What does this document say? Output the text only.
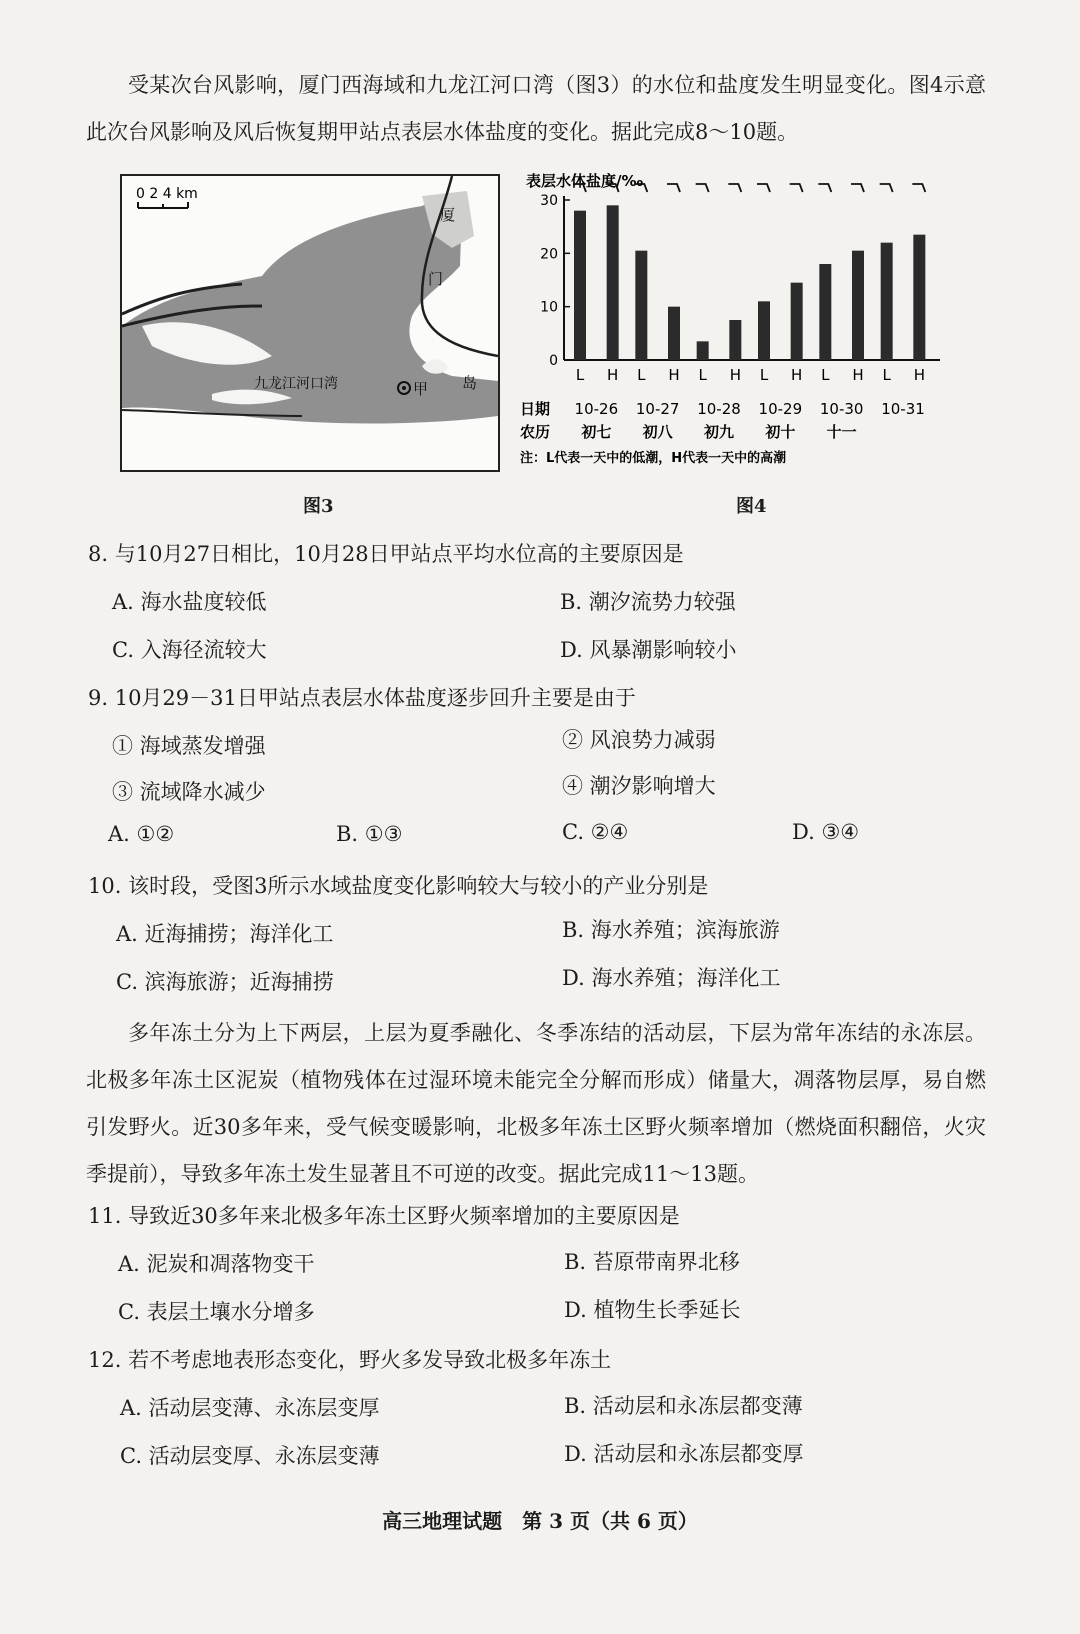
受某次台风影响，厦门西海域和九龙江河口湾（图3）的水位和盐度发生明显变化。图4示意此次台风影响及风后恢复期甲站点表层水体盐度的变化。据此完成8～10题。

0 2 4 km
九龙江河口湾	甲
厦
门
岛
图3
表层水体盐度/‰
0
10
20
30
L H L H L H L H L H L H
日期 10-26 10-27 10-28 10-29 10-30 10-31
农历 初七 初八 初九 初十 十一
注：L代表一天中的低潮，H代表一天中的高潮
图4

8. 与10月27日相比，10月28日甲站点平均水位高的主要原因是

A. 海水盐度较低	B. 潮汐流势力较强

C. 入海径流较大	D. 风暴潮影响较小

9. 10月29－31日甲站点表层水体盐度逐步回升主要是由于

① 海域蒸发增强	② 风浪势力减弱

③ 流域降水减少	④ 潮汐影响增大

A. ①②	B. ①③	C. ②④	D. ③④

10. 该时段，受图3所示水域盐度变化影响较大与较小的产业分别是

A. 近海捕捞；海洋化工	B. 海水养殖；滨海旅游

C. 滨海旅游；近海捕捞	D. 海水养殖；海洋化工

多年冻土分为上下两层，上层为夏季融化、冬季冻结的活动层，下层为常年冻结的永冻层。北极多年冻土区泥炭（植物残体在过湿环境未能完全分解而形成）储量大，凋落物层厚，易自燃引发野火。近30多年来，受气候变暖影响，北极多年冻土区野火频率增加（燃烧面积翻倍，火灾季提前），导致多年冻土发生显著且不可逆的改变。据此完成11～13题。

11. 导致近30多年来北极多年冻土区野火频率增加的主要原因是

A. 泥炭和凋落物变干	B. 苔原带南界北移

C. 表层土壤水分增多	D. 植物生长季延长

12. 若不考虑地表形态变化，野火多发导致北极多年冻土

A. 活动层变薄、永冻层变厚	B. 活动层和永冻层都变薄

C. 活动层变厚、永冻层变薄	D. 活动层和永冻层都变厚

高三地理试题　第 3 页（共 6 页）
